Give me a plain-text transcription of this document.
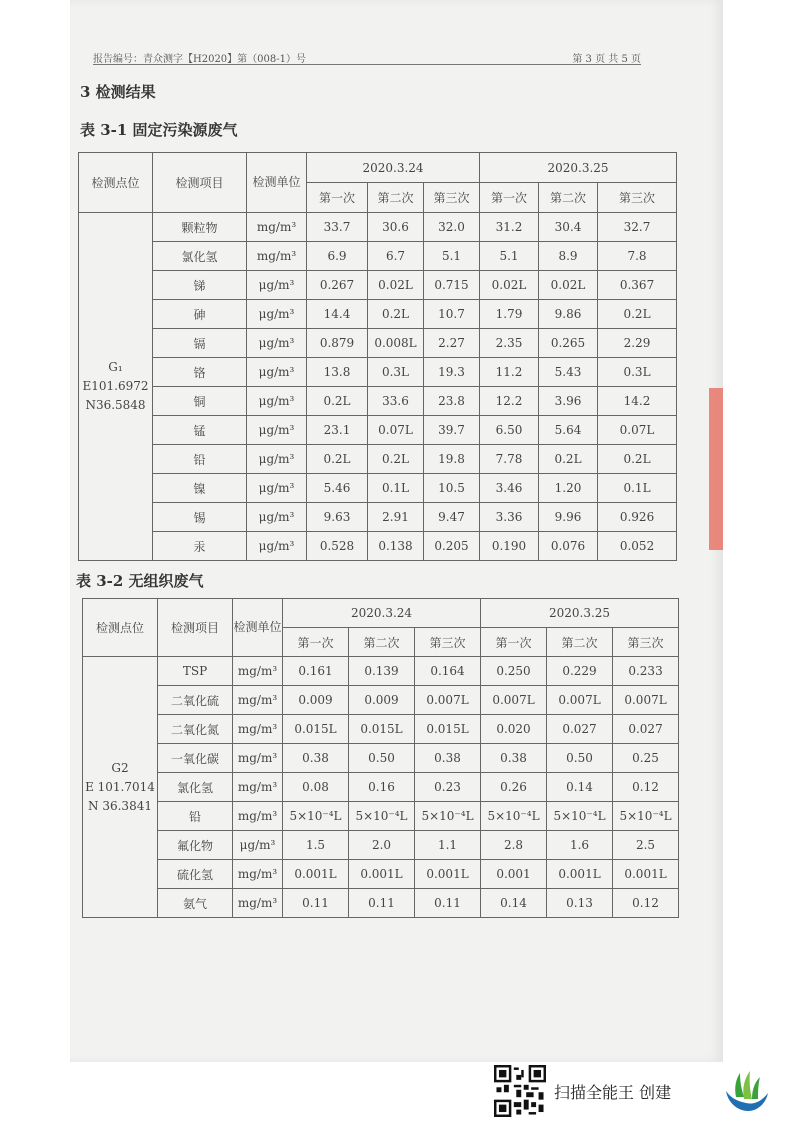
报告编号：青众测字【H2020】第（008-1）号	第 3 页 共 5 页
3 检测结果
表 3-1 固定污染源废气
检测点位	检测项目	检测单位	2020.3.24			2020.3.25		
			第一次	第二次	第三次	第一次	第二次	第三次
G₁
E101.6972
N36.5848	颗粒物	mg/m³	33.7	30.6	32.0	31.2	30.4	32.7
	氯化氢	mg/m³	6.9	6.7	5.1	5.1	8.9	7.8
	锑	μg/m³	0.267	0.02L	0.715	0.02L	0.02L	0.367
	砷	μg/m³	14.4	0.2L	10.7	1.79	9.86	0.2L
	镉	μg/m³	0.879	0.008L	2.27	2.35	0.265	2.29
	铬	μg/m³	13.8	0.3L	19.3	11.2	5.43	0.3L
	铜	μg/m³	0.2L	33.6	23.8	12.2	3.96	14.2
	锰	μg/m³	23.1	0.07L	39.7	6.50	5.64	0.07L
	铅	μg/m³	0.2L	0.2L	19.8	7.78	0.2L	0.2L
	镍	μg/m³	5.46	0.1L	10.5	3.46	1.20	0.1L
	锡	μg/m³	9.63	2.91	9.47	3.36	9.96	0.926
	汞	μg/m³	0.528	0.138	0.205	0.190	0.076	0.052
表 3-2 无组织废气
检测点位	检测项目	检测单位	2020.3.24			2020.3.25		
			第一次	第二次	第三次	第一次	第二次	第三次
G2
E 101.7014
N 36.3841	TSP	mg/m³	0.161	0.139	0.164	0.250	0.229	0.233
	二氧化硫	mg/m³	0.009	0.009	0.007L	0.007L	0.007L	0.007L
	二氧化氮	mg/m³	0.015L	0.015L	0.015L	0.020	0.027	0.027
	一氧化碳	mg/m³	0.38	0.50	0.38	0.38	0.50	0.25
	氯化氢	mg/m³	0.08	0.16	0.23	0.26	0.14	0.12
	铅	mg/m³	5×10⁻⁴L	5×10⁻⁴L	5×10⁻⁴L	5×10⁻⁴L	5×10⁻⁴L	5×10⁻⁴L
	氟化物	μg/m³	1.5	2.0	1.1	2.8	1.6	2.5
	硫化氢	mg/m³	0.001L	0.001L	0.001L	0.001	0.001L	0.001L
	氨气	mg/m³	0.11	0.11	0.11	0.14	0.13	0.12
扫描全能王 创建
